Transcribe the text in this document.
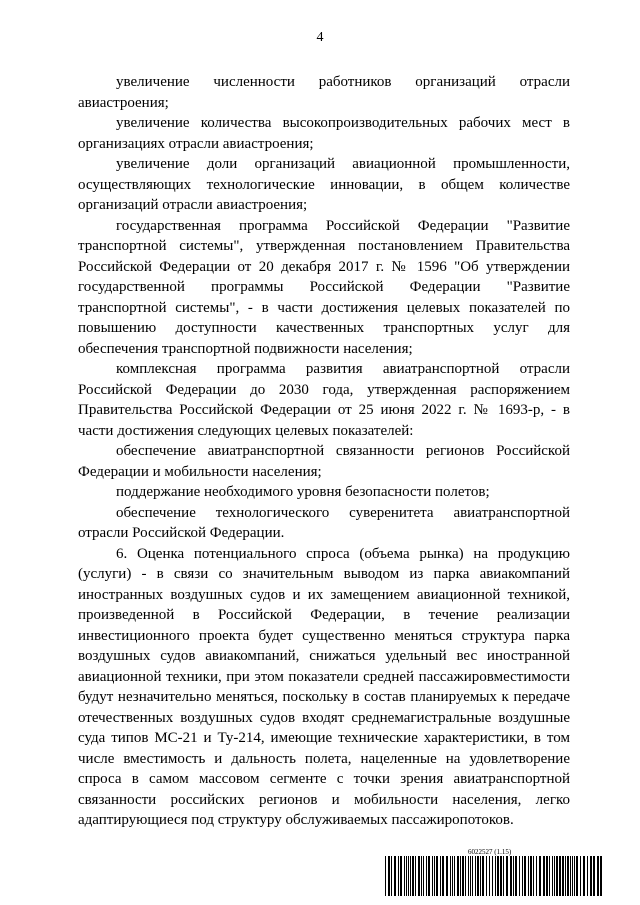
4

увеличение численности работников организаций отрасли авиастроения;

увеличение количества высокопроизводительных рабочих мест в организациях отрасли авиастроения;

увеличение доли организаций авиационной промышленности, осуществляющих технологические инновации, в общем количестве организаций отрасли авиастроения;

государственная программа Российской Федерации "Развитие транспортной системы", утвержденная постановлением Правительства Российской Федерации от 20 декабря 2017 г. № 1596 "Об утверждении государственной программы Российской Федерации "Развитие транспортной системы", - в части достижения целевых показателей по повышению доступности качественных транспортных услуг для обеспечения транспортной подвижности населения;

комплексная программа развития авиатранспортной отрасли Российской Федерации до 2030 года, утвержденная распоряжением Правительства Российской Федерации от 25 июня 2022 г. № 1693-р, - в части достижения следующих целевых показателей:

обеспечение авиатранспортной связанности регионов Российской Федерации и мобильности населения;

поддержание необходимого уровня безопасности полетов;

обеспечение технологического суверенитета авиатранспортной отрасли Российской Федерации.

6. Оценка потенциального спроса (объема рынка) на продукцию (услуги) - в связи со значительным выводом из парка авиакомпаний иностранных воздушных судов и их замещением авиационной техникой, произведенной в Российской Федерации, в течение реализации инвестиционного проекта будет существенно меняться структура парка воздушных судов авиакомпаний, снижаться удельный вес иностранной авиационной техники, при этом показатели средней пассажировместимости будут незначительно меняться, поскольку в состав планируемых к передаче отечественных воздушных судов входят среднемагистральные воздушные суда типов МС-21 и Ту-214, имеющие технические характеристики, в том числе вместимость и дальность полета, нацеленные на удовлетворение спроса в самом массовом сегменте с точки зрения авиатранспортной связанности российских регионов и мобильности населения, легко адаптирующиеся под структуру обслуживаемых пассажиропотоков.

6022527 (1.15)
